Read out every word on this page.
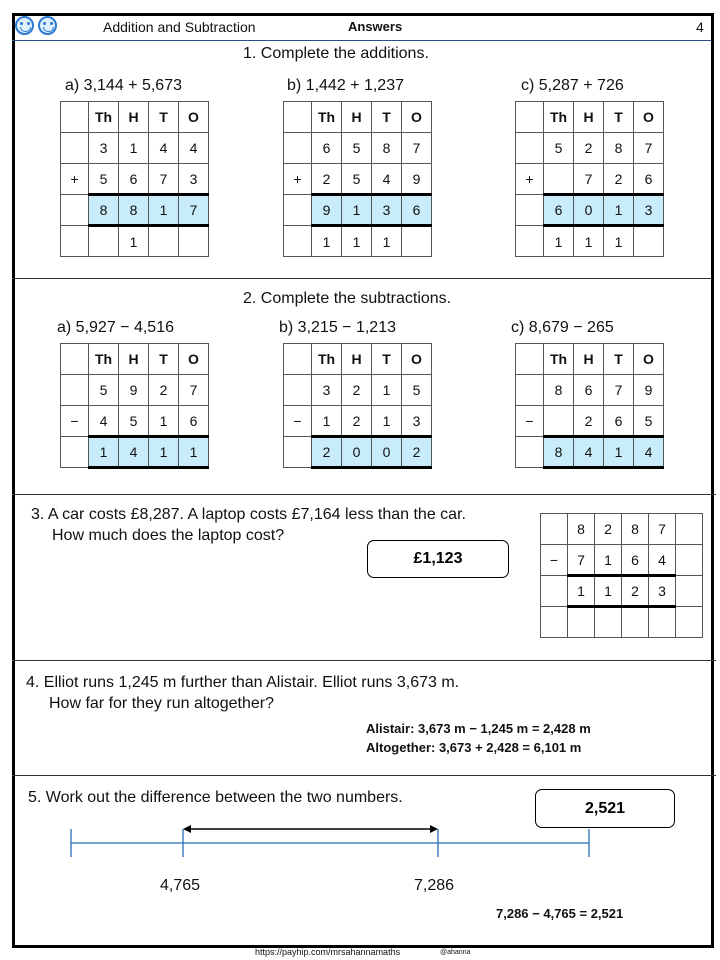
Addition and Subtraction	Answers	4
1. Complete the additions.
a) 3,144 + 5,673	b) 1,442 + 1,237	c) 5,287 + 726
	Th	H	T	O
	3	1	4	4
+	5	6	7	3
	8	8	1	7
		1		
	Th	H	T	O
	6	5	8	7
+	2	5	4	9
	9	1	3	6
	1	1	1	
	Th	H	T	O
	5	2	8	7
+		7	2	6
	6	0	1	3
	1	1	1	
2. Complete the subtractions.
a) 5,927 − 4,516	b) 3,215 − 1,213	c) 8,679 − 265
	Th	H	T	O
	5	9	2	7
−	4	5	1	6
	1	4	1	1
	Th	H	T	O
	3	2	1	5
−	1	2	1	3
	2	0	0	2
	Th	H	T	O
	8	6	7	9
−		2	6	5
	8	4	1	4
3. A car costs £8,287. A laptop costs £7,164 less than the car.
How much does the laptop cost?
£1,123
	8	2	8	7	
−	7	1	6	4	
	1	1	2	3	

4. Elliot runs 1,245 m further than Alistair. Elliot runs 3,673 m.
How far for they run altogether?
Alistair: 3,673 m − 1,245 m = 2,428 m
Altogether: 3,673 + 2,428 = 6,101 m
5. Work out the difference between the two numbers.
2,521
4,765	7,286
7,286 − 4,765 = 2,521
https://payhip.com/mrsahannamaths	@ahanna
